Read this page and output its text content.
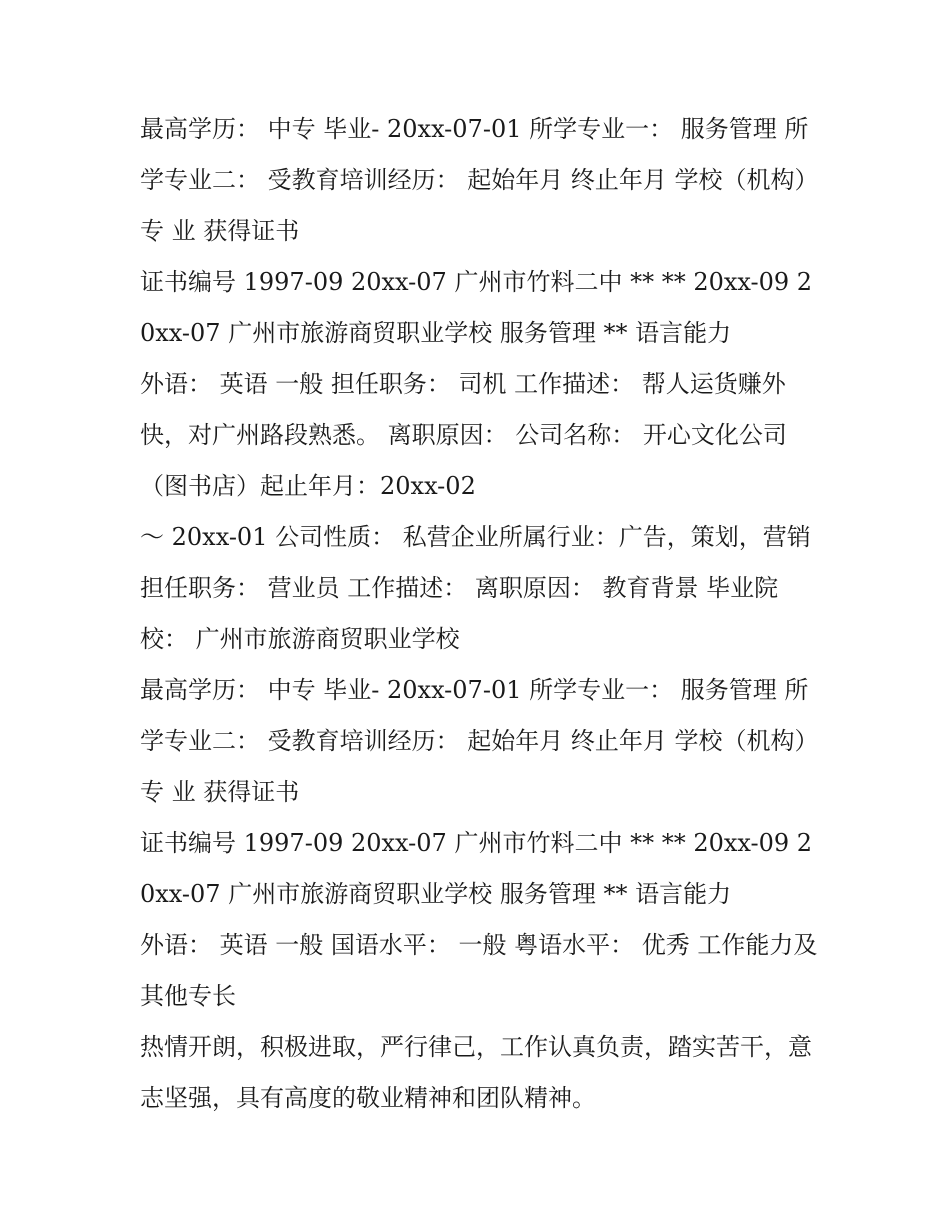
最高学历： 中专 毕业- 20xx-07-01 所学专业一： 服务管理 所学专业二： 受教育培训经历： 起始年月 终止年月 学校（机构） 专 业 获得证书

证书编号 1997-09 20xx-07 广州市竹料二中 ** ** 20xx-09 20xx-07 广州市旅游商贸职业学校 服务管理 ** 语言能力

外语： 英语 一般 担任职务： 司机 工作描述： 帮人运货赚外快，对广州路段熟悉。 离职原因： 公司名称： 开心文化公司（图书店）起止年月：20xx-02

～ 20xx-01 公司性质： 私营企业所属行业：广告，策划，营销担任职务： 营业员 工作描述： 离职原因： 教育背景 毕业院校： 广州市旅游商贸职业学校

最高学历： 中专 毕业- 20xx-07-01 所学专业一： 服务管理 所学专业二： 受教育培训经历： 起始年月 终止年月 学校（机构） 专 业 获得证书

证书编号 1997-09 20xx-07 广州市竹料二中 ** ** 20xx-09 20xx-07 广州市旅游商贸职业学校 服务管理 ** 语言能力

外语： 英语 一般 国语水平： 一般 粤语水平： 优秀 工作能力及其他专长

热情开朗，积极进取，严行律己，工作认真负责，踏实苦干，意志坚强，具有高度的敬业精神和团队精神。
